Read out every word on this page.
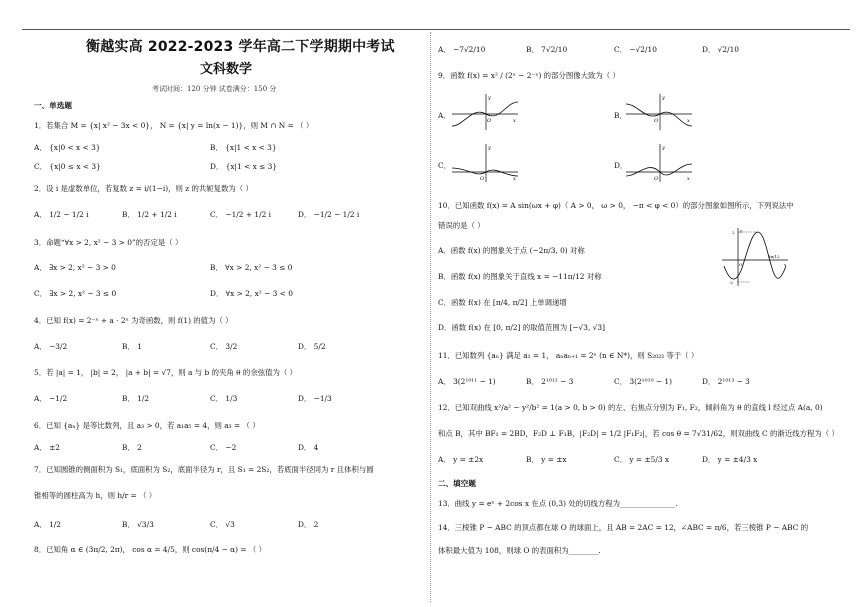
衡越实高 2022-2023 学年高二下学期期中考试
文科数学
考试时间：120 分钟 试卷满分：150 分
一、单选题
1．若集合 M = {x| x² − 3x < 0}， N = {x| y = ln(x − 1)}，则 M ∩ N = （ ）
A． {x|0 < x < 3}	B． {x|1 < x < 3}
C． {x|0 ≤ x < 3}	D． {x|1 < x ≤ 3}
2．设 i 是虚数单位，若复数 z = i/(1−i)，则 z 的共轭复数为（ ）
A． 1/2 − 1/2 i	B． 1/2 + 1/2 i	C． −1/2 + 1/2 i	D． −1/2 − 1/2 i
3．命题“∀x > 2, x² − 3 > 0”的否定是（ ）
A． ∃x > 2, x² − 3 > 0	B． ∀x > 2, x² − 3 ≤ 0
C． ∃x > 2, x² − 3 ≤ 0	D． ∀x > 2, x² − 3 < 0
4．已知 f(x) = 2⁻ˣ + a · 2ˣ 为奇函数，则 f(1) 的值为（ ）
A． −3/2	B． 1	C． 3/2	D． 5/2
5．若 |a| = 1， |b| = 2， |a + b| = √7，则 a 与 b 的夹角 θ 的余弦值为（ ）
A． −1/2	B． 1/2	C． 1/3	D． −1/3
6．已知 {aₙ} 是等比数列，且 a₃ > 0，若 a₁a₅ = 4，则 a₃ = （ ）
A． ±2	B． 2	C． −2	D． 4
7．已知圆锥的侧面积为 S₁，底面积为 S₂，底面半径为 r，且 S₁ = 2S₂，若底面半径同为 r 且体积与圆
锥相等的圆柱高为 h，则 h/r = （ ）
A． 1/2	B． √3/3	C． √3	D． 2
8．已知角 α ∈ (3π/2, 2π)， cos α = 4/5，则 cos(π/4 − α) = （ ）
A． −7√2/10	B． 7√2/10	C． −√2/10	D． √2/10
9．函数 f(x) = x² / (2ˣ − 2⁻ˣ) 的部分图像大致为（ ）
A．	B．
C．	D．
O	x
y
O	x
y
O	x
y
O	x
y
10．已知函数 f(x) = A sin(ωx + φ)（ A > 0， ω > 0， −π < φ < 0）的部分图象如图所示，下列说法中
错误的是（ ）
A．函数 f(x) 的图象关于点 (−2π/3, 0) 对称
B．函数 f(x) 的图象关于直线 x = −11π/12 对称
C．函数 f(x) 在 [π/4, π/2] 上单调递增
D．函数 f(x) 在 [0, π/2] 的取值范围为 [−√3, √3]
2
-2
5π/12
x
y
O
11．已知数列 {aₙ} 满足 a₁ = 1， aₙaₙ₊₁ = 2ⁿ (n ∈ N*)，则 S₂₀₂₃ 等于（ ）
A． 3(2¹⁰¹¹ − 1)	B． 2¹⁰¹² − 3	C． 3(2¹⁰¹⁰ − 1)	D． 2¹⁰¹³ − 3
12．已知双曲线 x²/a² − y²/b² = 1(a > 0, b > 0) 的左、右焦点分别为 F₁, F₂，倾斜角为 θ 的直线 l 经过点 A(a, 0)
和点 B，其中 BF₁ = 2BD，F₂D ⊥ F₁B，|F₂D| = 1/2 |F₁F₂|，若 cos θ = 7√31/62，则双曲线 C 的渐近线方程为（ ）
A． y = ±2x	B． y = ±x	C． y = ±5/3 x	D． y = ±4/3 x
二、填空题
13．曲线 y = eˣ + 2cos x 在点 (0,3) 处的切线方程为_______________.
14．三棱锥 P − ABC 的顶点都在球 O 的球面上，且 AB = 2AC = 12，∠ABC = π/6，若三棱锥 P − ABC 的
体积最大值为 108，则球 O 的表面积为________.
